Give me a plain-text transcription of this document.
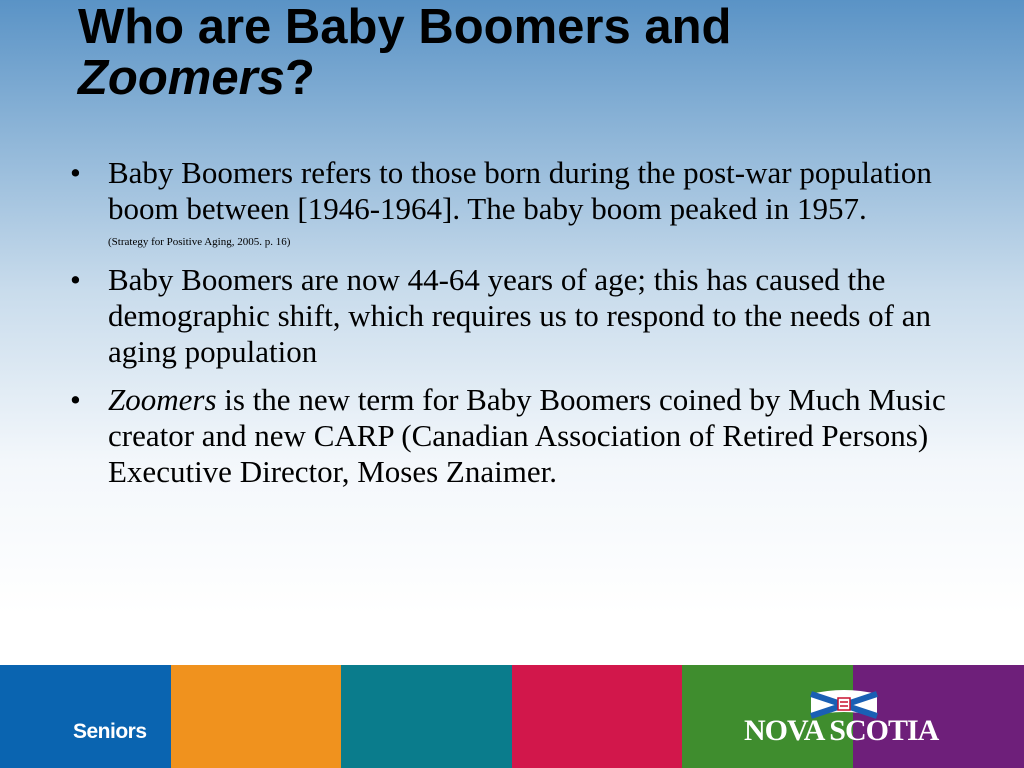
Who are Baby Boomers and
Zoomers?
• Baby Boomers refers to those born during the post-war population boom between [1946-1964]. The baby boom peaked in 1957.
(Strategy for Positive Aging, 2005. p. 16)
• Baby Boomers are now 44-64 years of age; this has caused the demographic shift, which requires us to respond to the needs of an aging population
• Zoomers is the new term for Baby Boomers coined by Much Music creator and new CARP (Canadian Association of Retired Persons) Executive Director, Moses Znaimer.
Seniors	NOVA SCOTIA
